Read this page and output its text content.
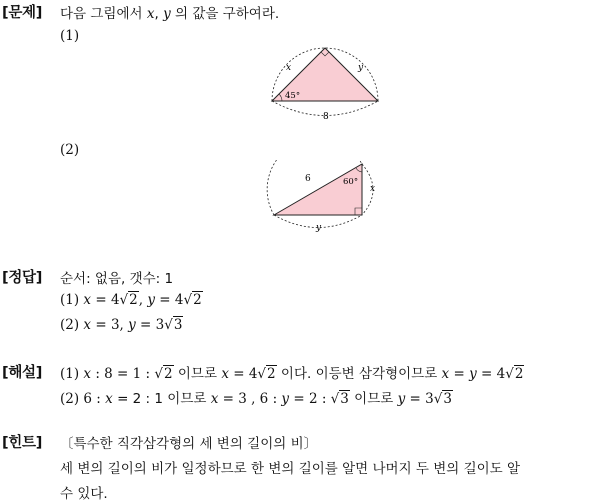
[문제] 다음 그림에서 x, y 의 값을 구하여라.
(1)
x	y
8
45°
(2)
6
x
y
60°
[정답] 순서: 없음, 갯수: 1
(1) x = 4√2, y = 4√2
(2) x = 3, y = 3√3
[해설] (1) x : 8 = 1 : √2 이므로 x = 4√2 이다. 이등변 삼각형이므로 x = y = 4√2
(2) 6 : x = 2 : 1 이므로 x = 3 , 6 : y = 2 : √3 이므로 y = 3√3
[힌트] 〔특수한 직각삼각형의 세 변의 길이의 비〕
세 변의 길이의 비가 일정하므로 한 변의 길이를 알면 나머지 두 변의 길이도 알
수 있다.
